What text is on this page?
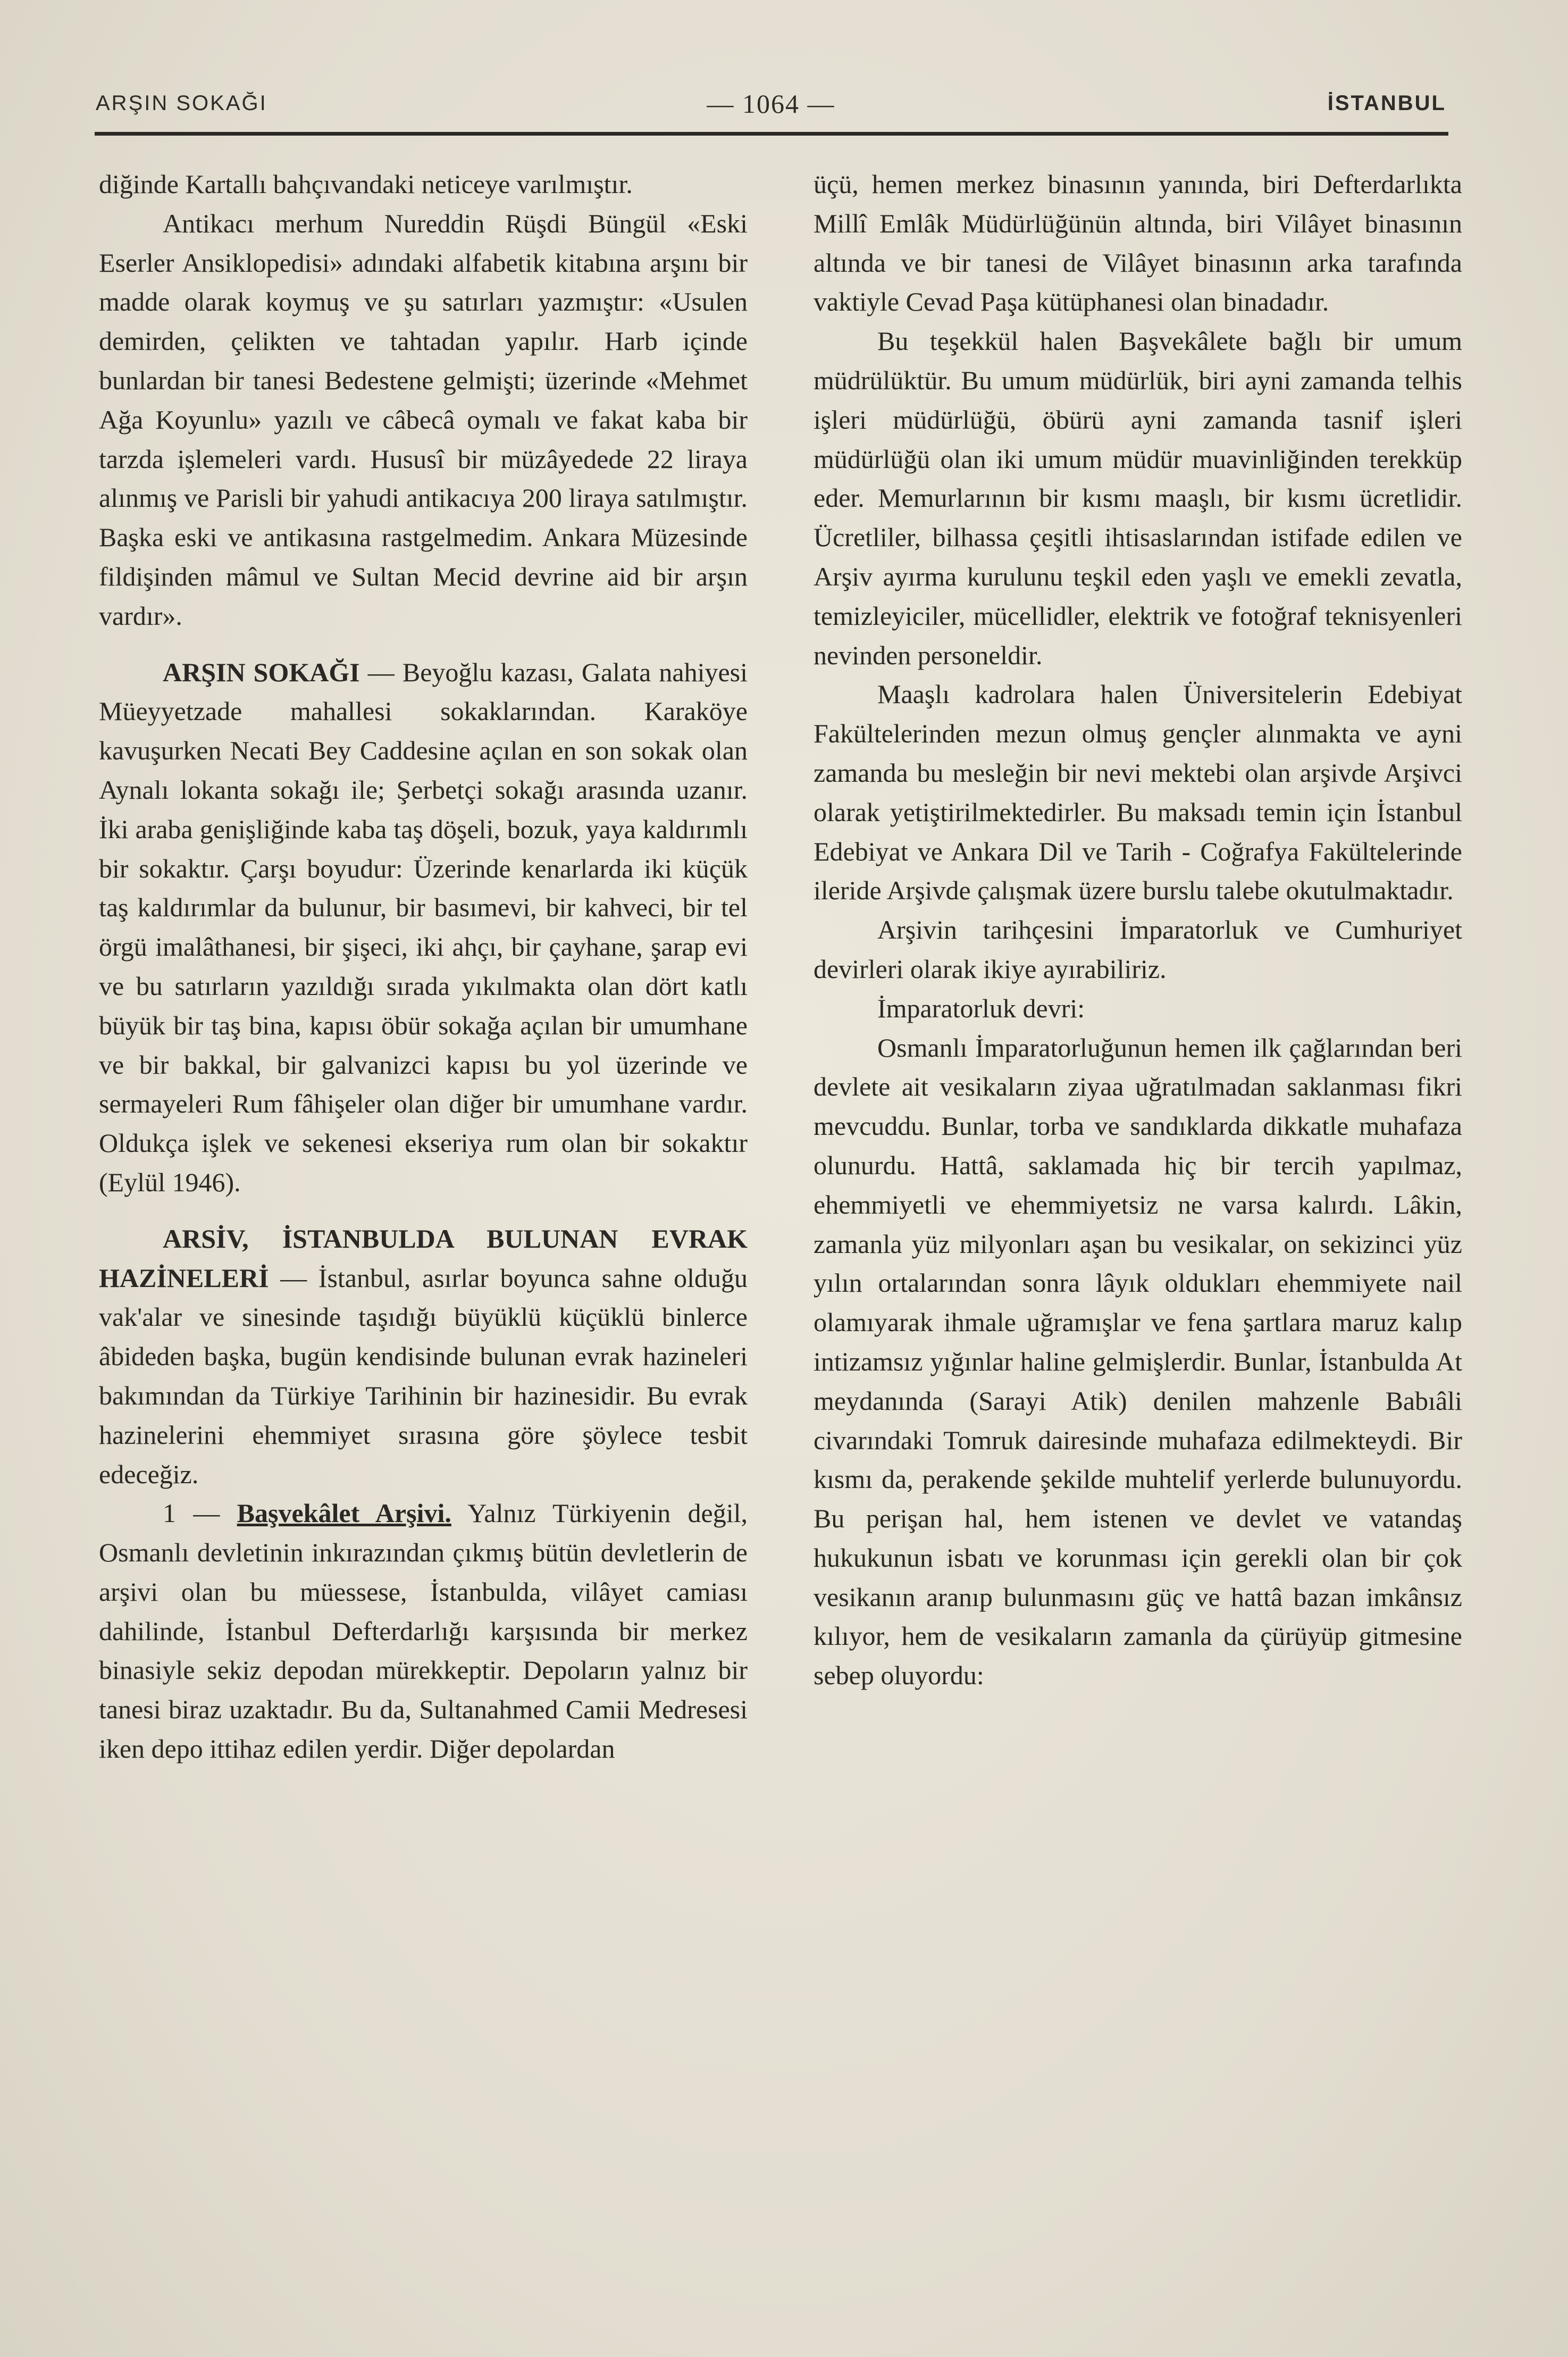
ARŞIN SOKAĞI	— 1064 —	İSTANBUL

diğinde Kartallı bahçıvandaki neticeye varılmıştır.

Antikacı merhum Nureddin Rüşdi Büngül «Eski Eserler Ansiklopedisi» adındaki alfabetik kitabına arşını bir madde olarak koymuş ve şu satırları yazmıştır: «Usulen demirden, çelikten ve tahtadan yapılır. Harb içinde bunlardan bir tanesi Bedestene gelmişti; üzerinde «Mehmet Ağa Koyunlu» yazılı ve câbecâ oymalı ve fakat kaba bir tarzda işlemeleri vardı. Hususî bir müzâyedede 22 liraya alınmış ve Parisli bir yahudi antikacıya 200 liraya satılmıştır. Başka eski ve antikasına rastgelmedim. Ankara Müzesinde fildişinden mâmul ve Sultan Mecid devrine aid bir arşın vardır».

ARŞIN SOKAĞI — Beyoğlu kazası, Galata nahiyesi Müeyyetzade mahallesi sokaklarından. Karaköye kavuşurken Necati Bey Caddesine açılan en son sokak olan Aynalı lokanta sokağı ile; Şerbetçi sokağı arasında uzanır. İki araba genişliğinde kaba taş döşeli, bozuk, yaya kaldırımlı bir sokaktır. Çarşı boyudur: Üzerinde kenarlarda iki küçük taş kaldırımlar da bulunur, bir basımevi, bir kahveci, bir tel örgü imalâthanesi, bir şişeci, iki ahçı, bir çayhane, şarap evi ve bu satırların yazıldığı sırada yıkılmakta olan dört katlı büyük bir taş bina, kapısı öbür sokağa açılan bir umumhane ve bir bakkal, bir galvanizci kapısı bu yol üzerinde ve sermayeleri Rum fâhişeler olan diğer bir umumhane vardır. Oldukça işlek ve sekenesi ekseriya rum olan bir sokaktır (Eylül 1946).

ARSİV, İSTANBULDA BULUNAN EVRAK HAZİNELERİ — İstanbul, asırlar boyunca sahne olduğu vak'alar ve sinesinde taşıdığı büyüklü küçüklü binlerce âbideden başka, bugün kendisinde bulunan evrak hazineleri bakımından da Türkiye Tarihinin bir hazinesidir. Bu evrak hazinelerini ehemmiyet sırasına göre şöylece tesbit edeceğiz.

1 — Başvekâlet Arşivi. Yalnız Türkiyenin değil, Osmanlı devletinin inkırazından çıkmış bütün devletlerin de arşivi olan bu müessese, İstanbulda, vilâyet camiası dahilinde, İstanbul Defterdarlığı karşısında bir merkez binasiyle sekiz depodan mürekkeptir. Depoların yalnız bir tanesi biraz uzaktadır. Bu da, Sultanahmed Camii Medresesi iken depo ittihaz edilen yerdir. Diğer depolardan

üçü, hemen merkez binasının yanında, biri Defterdarlıkta Millî Emlâk Müdürlüğünün altında, biri Vilâyet binasının altında ve bir tanesi de Vilâyet binasının arka tarafında vaktiyle Cevad Paşa kütüphanesi olan binadadır.

Bu teşekkül halen Başvekâlete bağlı bir umum müdrülüktür. Bu umum müdürlük, biri ayni zamanda telhis işleri müdürlüğü, öbürü ayni zamanda tasnif işleri müdürlüğü olan iki umum müdür muavinliğinden terekküp eder. Memurlarının bir kısmı maaşlı, bir kısmı ücretlidir. Ücretliler, bilhassa çeşitli ihtisaslarından istifade edilen ve Arşiv ayırma kurulunu teşkil eden yaşlı ve emekli zevatla, temizleyiciler, mücellidler, elektrik ve fotoğraf teknisyenleri nevinden personeldir.

Maaşlı kadrolara halen Üniversitelerin Edebiyat Fakültelerinden mezun olmuş gençler alınmakta ve ayni zamanda bu mesleğin bir nevi mektebi olan arşivde Arşivci olarak yetiştirilmektedirler. Bu maksadı temin için İstanbul Edebiyat ve Ankara Dil ve Tarih - Coğrafya Fakültelerinde ileride Arşivde çalışmak üzere burslu talebe okutulmaktadır.

Arşivin tarihçesini İmparatorluk ve Cumhuriyet devirleri olarak ikiye ayırabiliriz.

İmparatorluk devri:

Osmanlı İmparatorluğunun hemen ilk çağlarından beri devlete ait vesikaların ziyaa uğratılmadan saklanması fikri mevcuddu. Bunlar, torba ve sandıklarda dikkatle muhafaza olunurdu. Hattâ, saklamada hiç bir tercih yapılmaz, ehemmiyetli ve ehemmiyetsiz ne varsa kalırdı. Lâkin, zamanla yüz milyonları aşan bu vesikalar, on sekizinci yüz yılın ortalarından sonra lâyık oldukları ehemmiyete nail olamıyarak ihmale uğramışlar ve fena şartlara maruz kalıp intizamsız yığınlar haline gelmişlerdir. Bunlar, İstanbulda At meydanında (Sarayi Atik) denilen mahzenle Babıâli civarındaki Tomruk dairesinde muhafaza edilmekteydi. Bir kısmı da, perakende şekilde muhtelif yerlerde bulunuyordu. Bu perişan hal, hem istenen ve devlet ve vatandaş hukukunun isbatı ve korunması için gerekli olan bir çok vesikanın aranıp bulunmasını güç ve hattâ bazan imkânsız kılıyor, hem de vesikaların zamanla da çürüyüp gitmesine sebep oluyordu:
